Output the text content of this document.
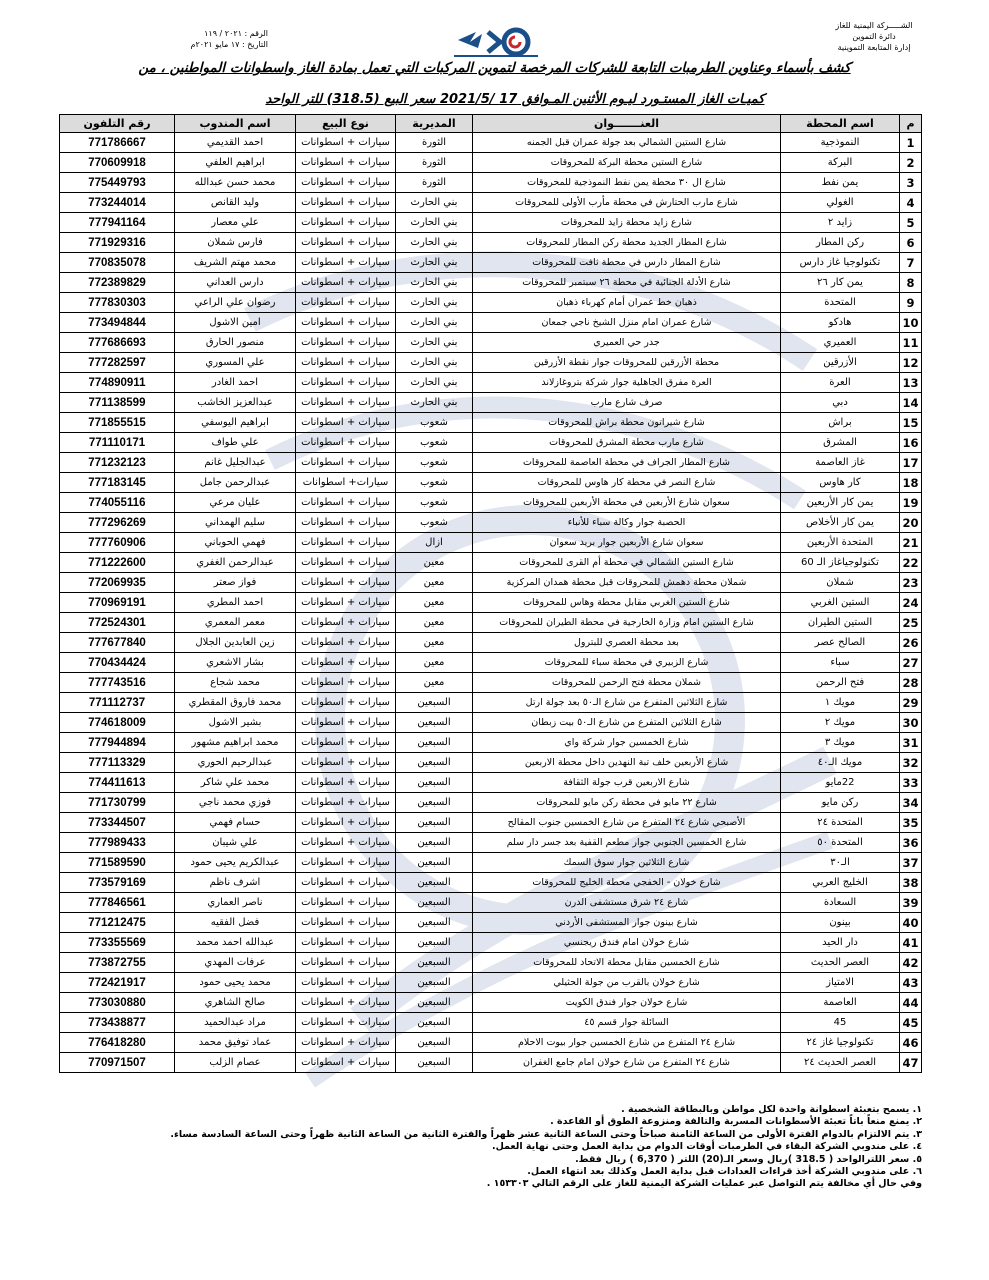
الشـــــركة اليمنية للغاز
دائرة التموين
إدارة المتابعة التموينية
الرقم : ٢٠٢١ / ١١٩
التاريخ : ١٧ مايو ٢٠٢١م
كشف بأسماء وعناوين الطرمبات التابعة للشركات المرخصة لتموين المركبات التي تعمل بمادة الغاز واسطوانات المواطنين ، من
كميـات الغاز المستـورد ليـوم الأثنين المـوافق 17 /2021/5 سعر البيع (318.5) للتر الواحد
م	اسم المحطة	العنـــــــوان	المديرية	نوع البيع	اسم المندوب	رقم التلفون
1	النموذجية	شارع الستين الشمالي بعد جولة عمران قبل الجمنه	الثورة	سيارات + اسطوانات	احمد القديمي	771786667
2	البركة	شارع الستين محطة البركة للمحروقات	الثورة	سيارات + اسطوانات	ابراهيم العلفي	770609918
3	يمن نفط	شارع ال ٣٠ محطة يمن نفط النموذجية للمحروقات	الثورة	سيارات + اسطوانات	محمد حسن عبدالله	775449793
4	الغولي	شارع مارب الحتارش في محطة مأرب الأولى للمحروقات	بني الحارث	سيارات + اسطوانات	وليد القانص	773244014
5	زايد ٢	شارع زايد محطة زايد للمحروقات	بني الحارث	سيارات + اسطوانات	علي معصار	777941164
6	ركن المطار	شارع المطار الجديد محطة ركن المطار للمحروقات	بني الحارث	سيارات + اسطوانات	فارس شملان	771929316
7	تكنولوجيا غاز دارس	شارع المطار دارس في محطة ثافت للمحروقات	بني الحارث	سيارات + اسطوانات	محمد مهتم الشريف	770835078
8	يمن كار ٢٦	شارع الأدلة الجنائية في محطة ٢٦ سبتمبر للمحروقات	بني الحارث	سيارات + اسطوانات	دارس العداني	772389829
9	المتحدة	ذهبان خط عمران أمام كهرباء ذهبان	بني الحارث	سيارات + اسطوانات	رضوان علي الراعي	777830303
10	هادكو	شارع عمران امام منزل الشيخ ناجي جمعان	بني الحارث	سيارات + اسطوانات	امين الاشول	773494844
11	العميري	جدر حي العميري	بني الحارث	سيارات + اسطوانات	منصور الحارق	777686693
12	الأزرقين	محطة الأزرقين للمحروقات جوار نقطة الأزرقين	بني الحارث	سيارات + اسطوانات	علي المسوري	777282597
13	العرة	العرة مفرق الجاهلية جوار شركة بتروغازلاند	بني الحارث	سيارات + اسطوانات	احمد الغادر	774890911
14	دبي	صرف شارع مارب	بني الحارث	سيارات + اسطوانات	عبدالعزيز الخاشب	771138599
15	براش	شارع شيراتون محطة براش للمحروقات	شعوب	سيارات + اسطوانات	ابراهيم اليوسفي	771855515
16	المشرق	شارع مارب محطة المشرق للمحروقات	شعوب	سيارات + اسطوانات	علي طواف	771110171
17	غاز العاصمة	شارع المطار الجراف في محطة العاصمة للمحروقات	شعوب	سيارات + اسطوانات	عبدالجليل غانم	771232123
18	كار هاوس	شارع النصر في محطة كار هاوس للمحروقات	شعوب	سيارات+ اسطوانات	عبدالرحمن جامل	777183145
19	يمن كار الأربعين	سعوان شارع الأربعين في محطة الأربعين للمحروقات	شعوب	سيارات + اسطوانات	عليان مرعي	774055116
20	يمن كار الأخلاص	الحصبة جوار وكالة سباء للأنباء	شعوب	سيارات + اسطوانات	سليم الهمداني	777296269
21	المتحدة الأربعين	سعوان شارع الأربعين جوار بريد سعوان	ازال	سيارات + اسطوانات	فهمي الحوباني	777760906
22	تكنولوجياغاز الـ 60	شارع الستين الشمالي في محطة أم القرى للمحروقات	معين	سيارات + اسطوانات	عبدالرحمن الغفري	771222600
23	شملان	شملان محطة دهمش للمحروقات قبل محطة همدان المركزية	معين	سيارات + اسطوانات	فواز صعتر	772069935
24	الستين الغربي	شارع الستين الغربي مقابل محطة وهاس للمحروقات	معين	سيارات + اسطوانات	احمد المطري	770969191
25	الستين الطيران	شارع الستين امام وزارة الخارجية في محطة الطيران للمحروقات	معين	سيارات + اسطوانات	معمر المعمري	772524301
26	الصالح عصر	بعد محطة العصري للبترول	معين	سيارات + اسطوانات	زين العابدين الجلال	777677840
27	سباء	شارع الزبيري في محطة سباء للمحروقات	معين	سيارات + اسطوانات	بشار الاشعري	770434424
28	فتح الرحمن	شملان محطة فتح الرحمن للمحروقات	معين	سيارات + اسطوانات	محمد شجاع	777743516
29	مويك ١	شارع الثلاثين المتفرع من شارع الـ٥٠ بعد جولة ارتل	السبعين	سيارات + اسطوانات	محمد فاروق المقطري	771112737
30	مويك ٢	شارع الثلاثين المتفرع من شارع الـ٥٠ بيت زبطان	السبعين	سيارات + اسطوانات	بشير الاشول	774618009
31	مويك ٣	شارع الخمسين جوار شركة واي	السبعين	سيارات + اسطوانات	محمد ابراهيم مشهور	777944894
32	مويك الـ٤٠	شارع الأربعين خلف تبة النهدين داخل محطة الاربعين	السبعين	سيارات + اسطوانات	عبدالرحيم الحوري	777113329
33	22مايو	شارع الاربعين قرب جولة الثقافة	السبعين	سيارات + اسطوانات	محمد علي شاكر	774411613
34	ركن مايو	شارع ٢٢ مايو في محطة ركن مايو للمحروقات	السبعين	سيارات + اسطوانات	فوزي محمد ناجي	771730799
35	المتحدة ٢٤	الأصبحي شارع ٢٤ المتفرع من شارع الخمسين جنوب المقالح	السبعين	سيارات + اسطوانات	حسام فهمي	773344507
36	المتحدة ٥٠	شارع الخمسين الجنوبي جوار مطعم القفية بعد جسر دار سلم	السبعين	سيارات + اسطوانات	علي شيبان	777989433
37	الـ٣٠	شارع الثلاثين جوار سوق السمك	السبعين	سيارات + اسطوانات	عبدالكريم يحيى حمود	771589590
38	الخليج العربي	شارع خولان - الخفجي محطة الخليج للمحروقات	السبعين	سيارات + اسطوانات	اشرف ناظم	773579169
39	السعادة	شارع ٢٤ شرق مستشفى الدرن	السبعين	سيارات + اسطوانات	ناصر العماري	777846561
40	بينون	شارع بينون جوار المستشفى الأردني	السبعين	سيارات + اسطوانات	فضل الفقيه	771212475
41	دار الحيد	شارع خولان امام فندق ريجنسي	السبعين	سيارات + اسطوانات	عبدالله احمد محمد	773355569
42	العصر الحديث	شارع الخمسين مقابل محطة الاتحاد للمحروقات	السبعين	سيارات + اسطوانات	عرفات المهدي	773872755
43	الامتياز	شارع خولان بالقرب من جولة الحثيلي	السبعين	سيارات + اسطوانات	محمد يحيى حمود	772421917
44	العاصمة	شارع خولان جوار فندق الكويت	السبعين	سيارات + اسطوانات	صالح الشاهري	773030880
45	45	السائلة جوار قسم ٤٥	السبعين	سيارات + اسطوانات	مراد عبدالحميد	773438877
46	تكنولوجيا غاز ٢٤	شارع ٢٤ المتفرع من شارع الخمسين جوار بيوت الاحلام	السبعين	سيارات + اسطوانات	عماد توفيق محمد	776418280
47	العصر الحديث ٢٤	شارع ٢٤ المتفرع من شارع خولان امام جامع الغفران	السبعين	سيارات + اسطوانات	عصام الزلب	770971507
١. يسمح بتعبئة اسطوانة واحدة لكل مواطن وبالبطاقة الشخصية .
٢. يمنع منعاً باتاً تعبئة الأسطوانات المسربة والتالفة ومنزوعة الطوق أو القاعدة .
٣. يتم الالتزام بالدوام الفترة الأولى من الساعة الثامنة صباحاً وحتى الساعة الثانية عشر ظهراً والفترة الثانية من الساعة الثانية ظهراً وحتى الساعة السادسة مساء.
٤. على مندوبي الشركة البقاء في الطرمبات أوقات الدوام من بداية العمل وحتى نهاية العمل.
٥. سعر اللترالواحد ( 318.5 )ريال وسعر الـ(20) اللتر ( 6,370 ) ريال فقط.
٦. على مندوبي الشركة أخذ قراءات العدادات قبل بداية العمل وكذلك بعد انتهاء العمل.
وفي حال أي مخالفة يتم التواصل عبر عمليات الشركة اليمنية للغاز على الرقم التالي ١٥٣٣٠٣ .
